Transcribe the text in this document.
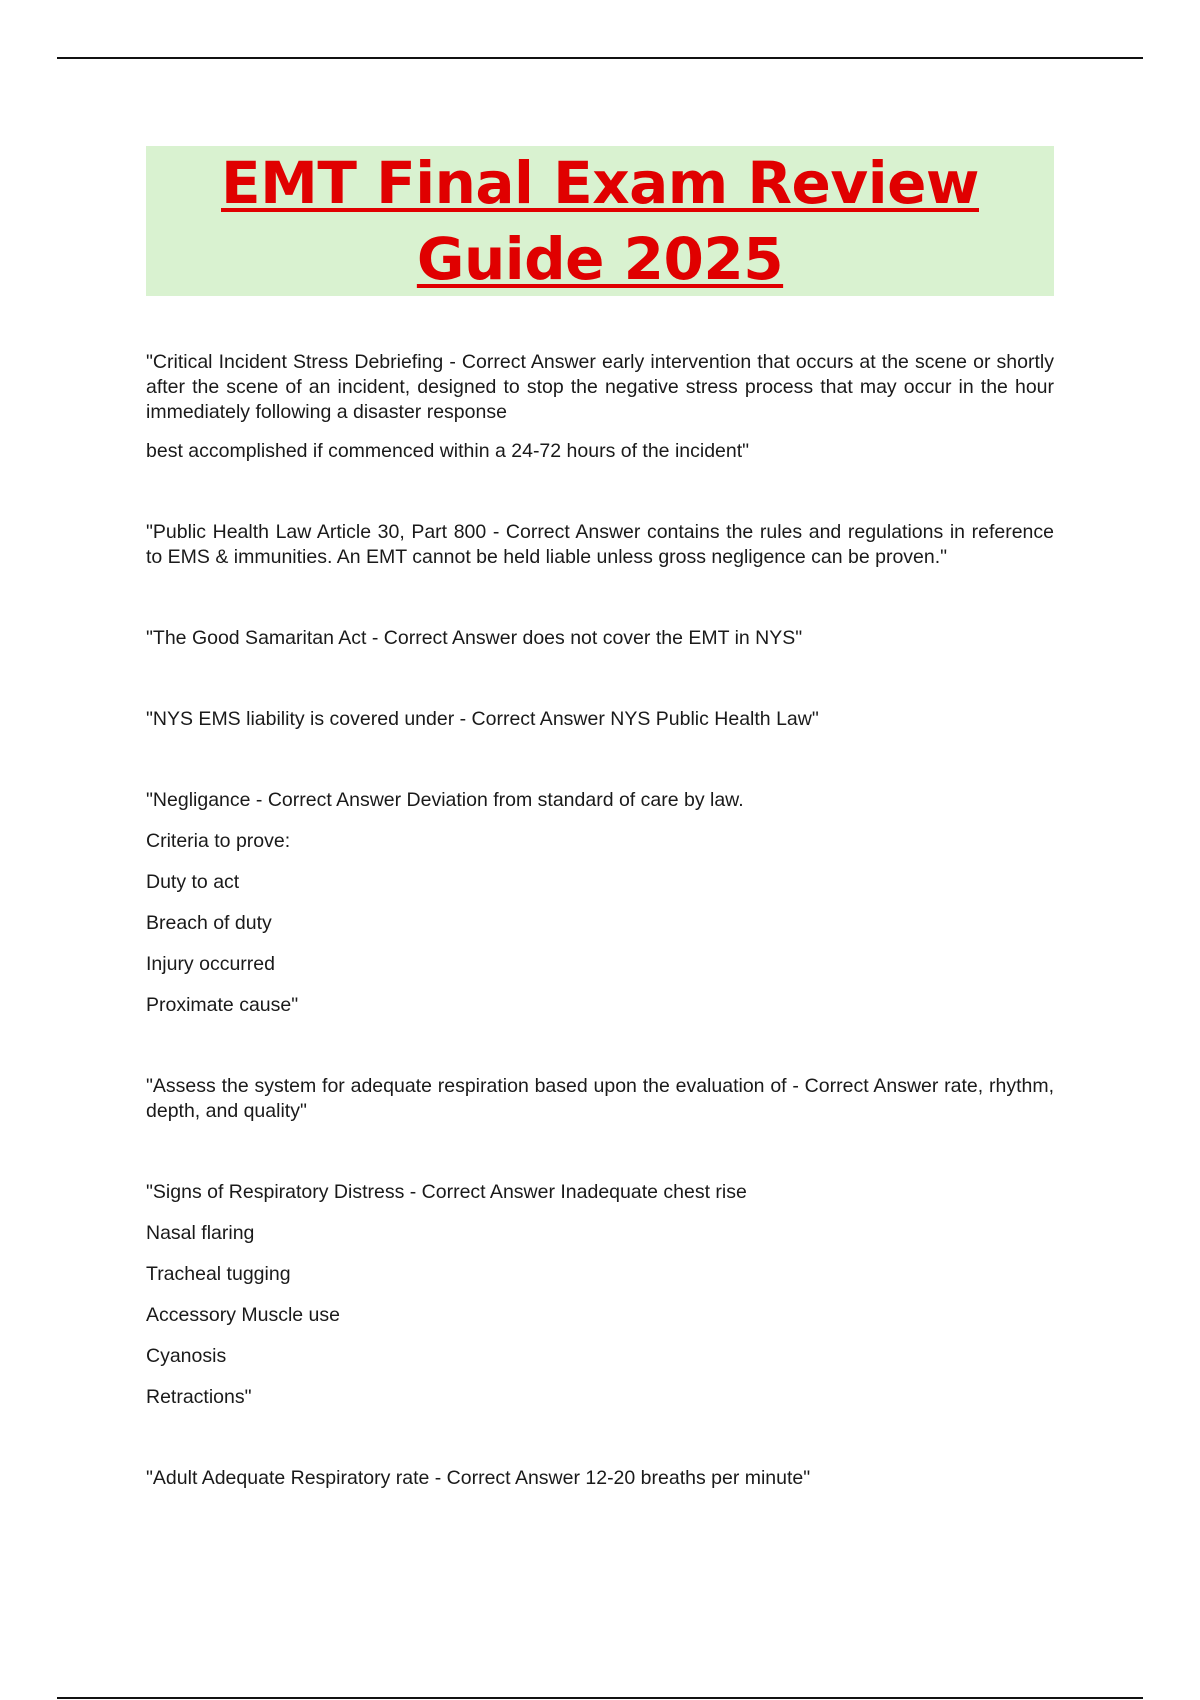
EMT Final Exam Review
Guide 2025

"Critical Incident Stress Debriefing - Correct Answer early intervention that occurs at the scene or shortly after the scene of an incident, designed to stop the negative stress process that may occur in the hour immediately following a disaster response

best accomplished if commenced within a 24-72 hours of the incident"

"Public Health Law Article 30, Part 800 - Correct Answer contains the rules and regulations in reference to EMS & immunities. An EMT cannot be held liable unless gross negligence can be proven."

"The Good Samaritan Act - Correct Answer does not cover the EMT in NYS"

"NYS EMS liability is covered under - Correct Answer NYS Public Health Law"

"Negligance - Correct Answer Deviation from standard of care by law.

Criteria to prove:

Duty to act

Breach of duty

Injury occurred

Proximate cause"

"Assess the system for adequate respiration based upon the evaluation of - Correct Answer rate, rhythm, depth, and quality"

"Signs of Respiratory Distress - Correct Answer Inadequate chest rise

Nasal flaring

Tracheal tugging

Accessory Muscle use

Cyanosis

Retractions"

"Adult Adequate Respiratory rate - Correct Answer 12-20 breaths per minute"
